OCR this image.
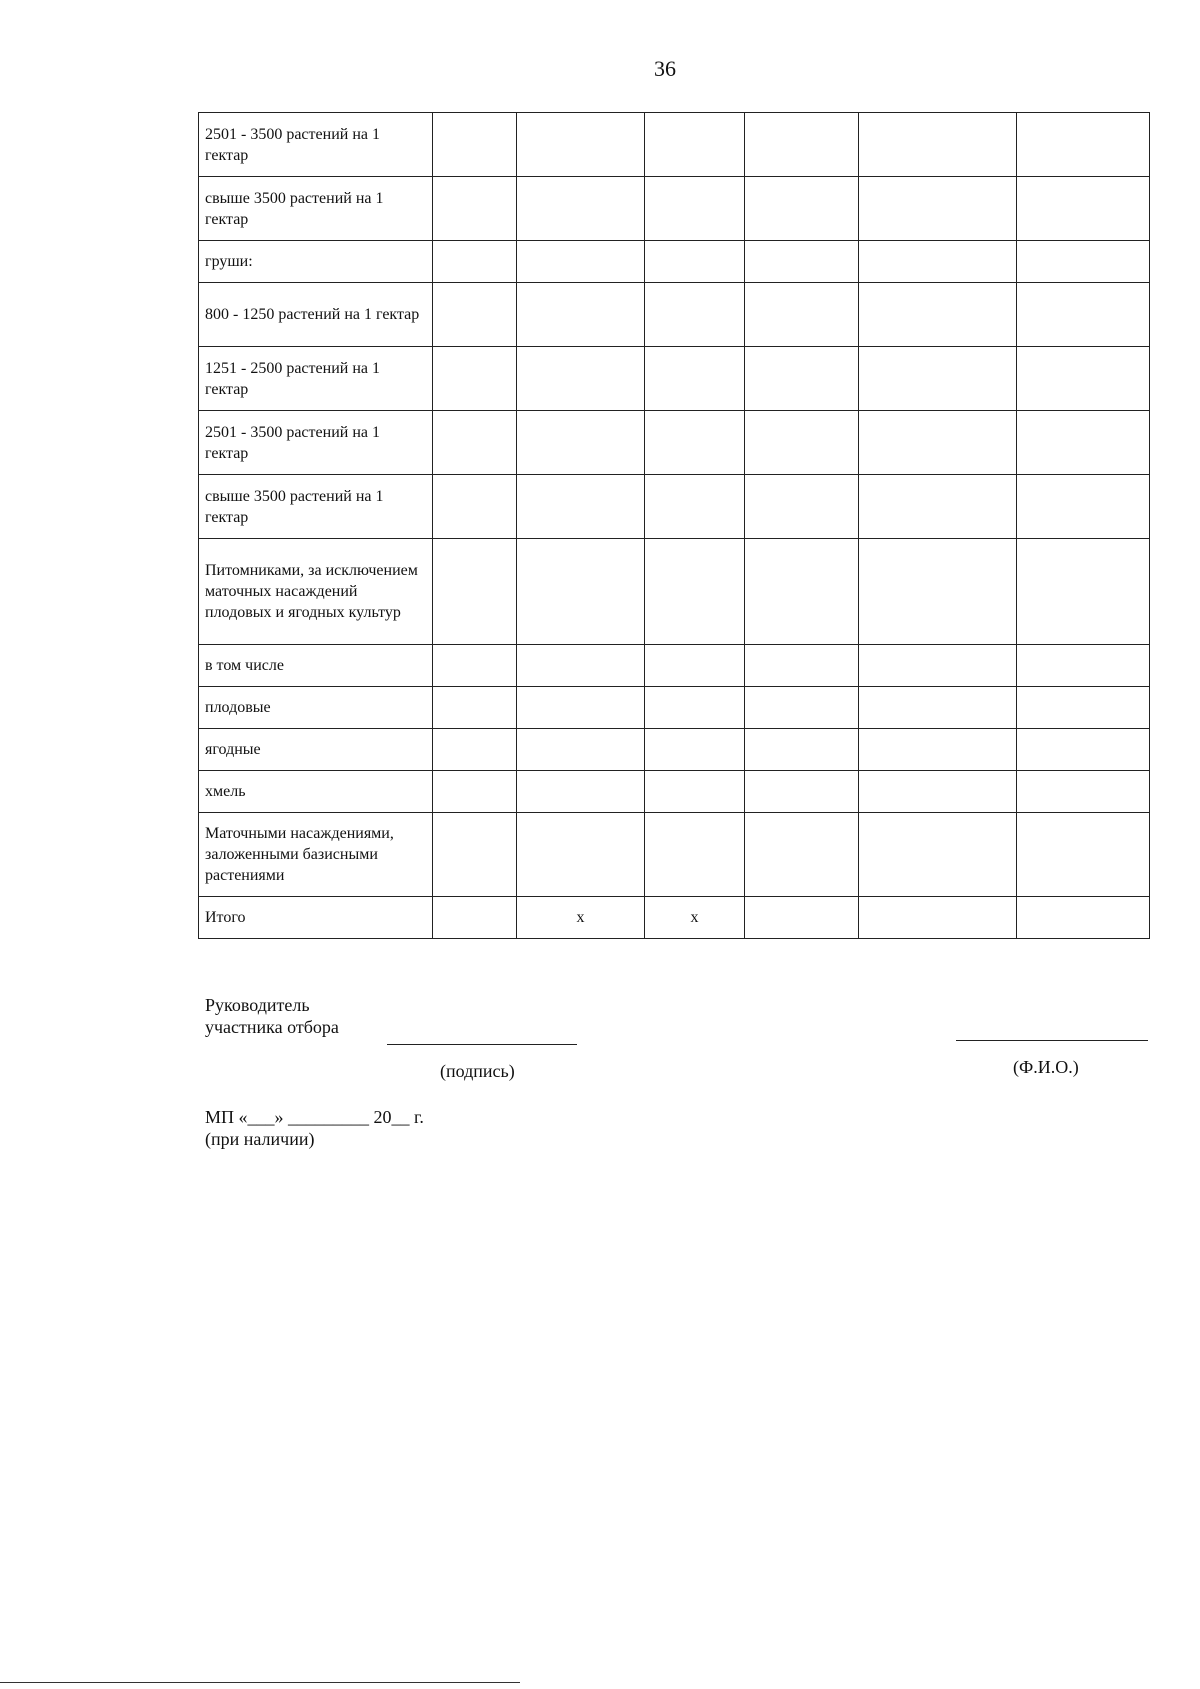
36
2501 - 3500 растений на 1 гектар							
свыше 3500 растений на 1 гектар							
груши:							
800 - 1250 растений на 1 гектар							
1251 - 2500 растений на 1 гектар							
2501 - 3500 растений на 1 гектар							
свыше 3500 растений на 1 гектар							
Питомниками, за исключением маточных насаждений плодовых и ягодных культур							
в том числе							
плодовые							
ягодные							
хмель							
Маточными насаждениями, заложенными базисными растениями							
Итого		x	x				
Руководитель
участника отбора
(подпись)	(Ф.И.О.)
МП «___» _________ 20__ г.
(при наличии)
